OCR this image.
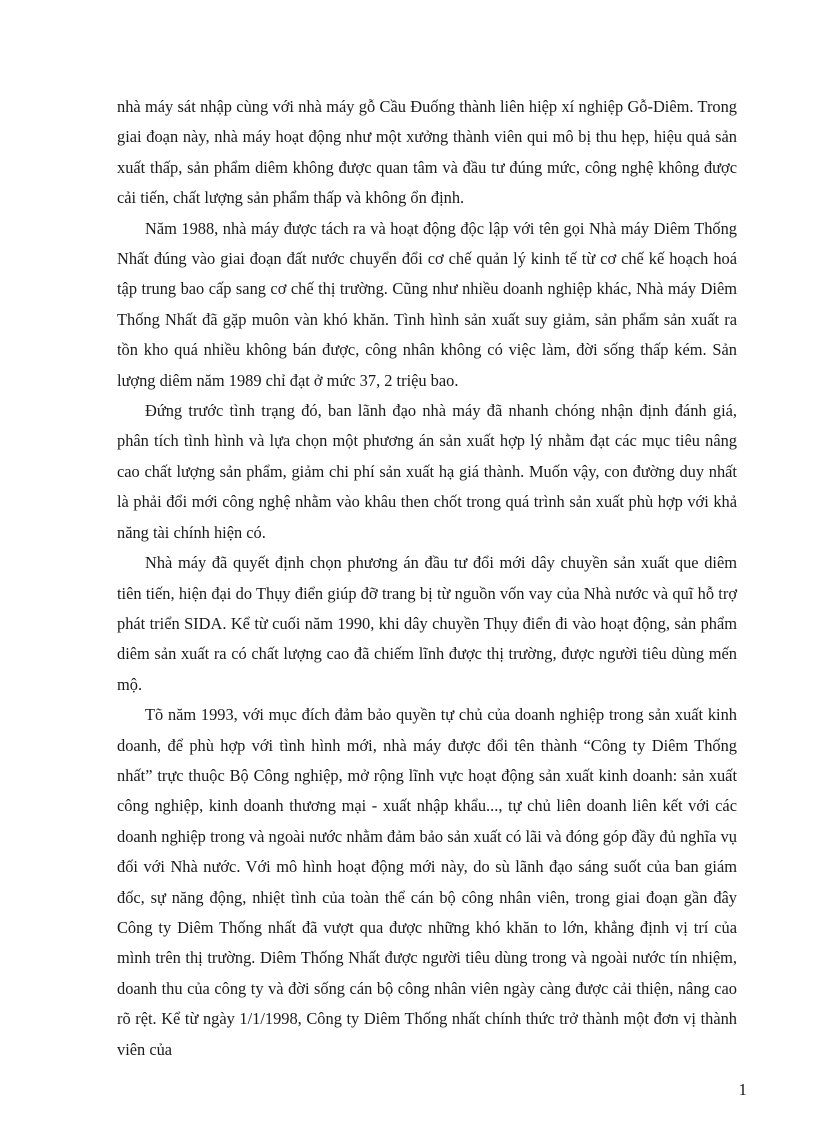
nhà máy sát nhập cùng với nhà máy gỗ Cầu Đuống thành liên hiệp xí nghiệp Gỗ-Diêm. Trong giai đoạn này, nhà máy hoạt động như một xưởng thành viên qui mô bị thu hẹp, hiệu quả sản xuất thấp, sản phẩm diêm không được quan tâm và đầu tư đúng mức, công nghệ không được cải tiến, chất lượng sản phẩm thấp và không ổn định.

Năm 1988, nhà máy được tách ra và hoạt động độc lập với tên gọi Nhà máy Diêm Thống Nhất đúng vào giai đoạn đất nước chuyển đổi cơ chế quản lý kinh tế từ cơ chế kế hoạch hoá tập trung bao cấp sang cơ chế thị trường. Cũng như nhiều doanh nghiệp khác, Nhà máy Diêm Thống Nhất đã gặp muôn vàn khó khăn. Tình hình sản xuất suy giảm, sản phẩm sản xuất ra tồn kho quá nhiều không bán được, công nhân không có việc làm, đời sống thấp kém. Sản lượng diêm năm 1989 chỉ đạt ở mức 37, 2 triệu bao.

Đứng trước tình trạng đó, ban lãnh đạo nhà máy đã nhanh chóng nhận định đánh giá, phân tích tình hình và lựa chọn một phương án sản xuất hợp lý nhằm đạt các mục tiêu nâng cao chất lượng sản phẩm, giảm chi phí sản xuất hạ giá thành. Muốn vậy, con đường duy nhất là phải đổi mới công nghệ nhằm vào khâu then chốt trong quá trình sản xuất phù hợp với khả năng tài chính hiện có.

Nhà máy đã quyết định chọn phương án đầu tư đổi mới dây chuyền sản xuất que diêm tiên tiến, hiện đại do Thụy điển giúp đỡ trang bị từ nguồn vốn vay của Nhà nước và quĩ hỗ trợ phát triển SIDA. Kể từ cuối năm 1990, khi dây chuyền Thụy điển đi vào hoạt động, sản phẩm diêm sản xuất ra có chất lượng cao đã chiếm lĩnh được thị trường, được người tiêu dùng mến mộ.

Tõ năm 1993, với mục đích đảm bảo quyền tự chủ của doanh nghiệp trong sản xuất kinh doanh, để phù hợp với tình hình mới, nhà máy được đổi tên thành “Công ty Diêm Thống nhất” trực thuộc Bộ Công nghiệp, mở rộng lĩnh vực hoạt động sản xuất kinh doanh: sản xuất công nghiệp, kinh doanh thương mại - xuất nhập khẩu..., tự chủ liên doanh liên kết với các doanh nghiệp trong và ngoài nước nhằm đảm bảo sản xuất có lãi và đóng góp đầy đủ nghĩa vụ đối với Nhà nước. Với mô hình hoạt động mới này, do sù lãnh đạo sáng suốt của ban giám đốc, sự năng động, nhiệt tình của toàn thể cán bộ công nhân viên, trong giai đoạn gần đây Công ty Diêm Thống nhất đã vượt qua được những khó khăn to lớn, khẳng định vị trí của mình trên thị trường. Diêm Thống Nhất được người tiêu dùng trong và ngoài nước tín nhiệm, doanh thu của công ty và đời sống cán bộ công nhân viên ngày càng được cải thiện, nâng cao rõ rệt. Kể từ ngày 1/1/1998, Công ty Diêm Thống nhất chính thức trở thành một đơn vị thành viên của

1
